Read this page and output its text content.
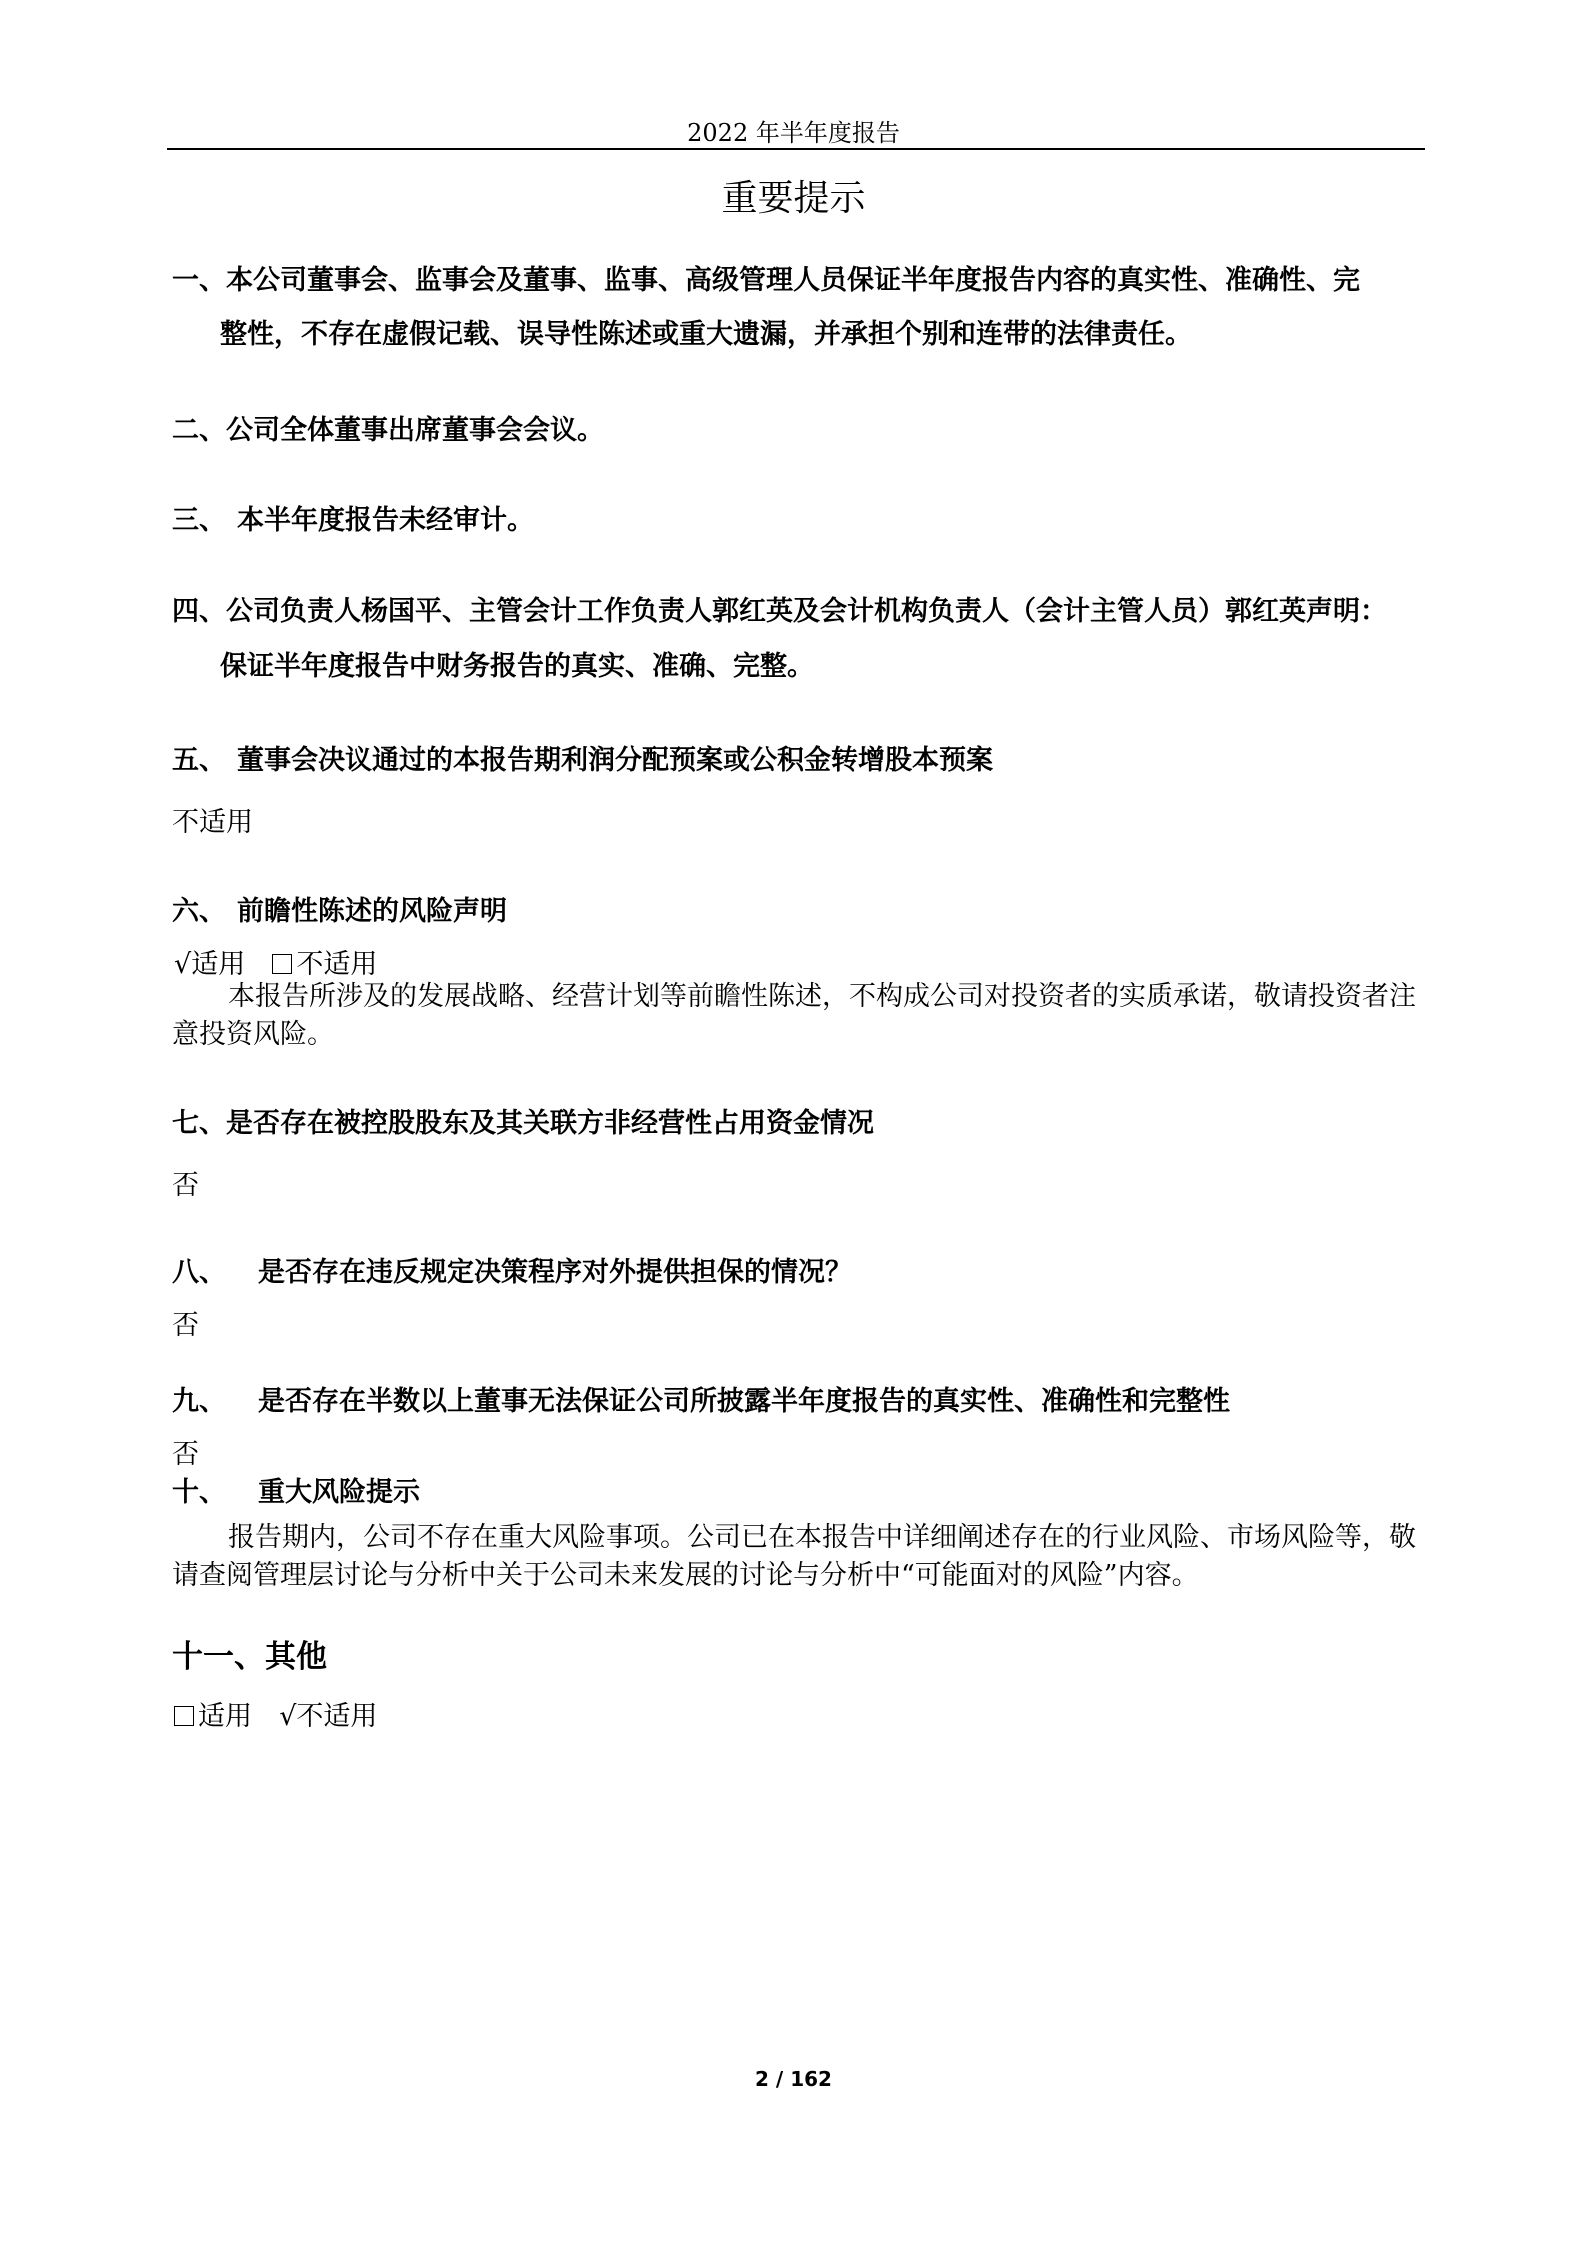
2022 年半年度报告
重要提示
一、本公司董事会、监事会及董事、监事、高级管理人员保证半年度报告内容的真实性、准确性、完
整性，不存在虚假记载、误导性陈述或重大遗漏，并承担个别和连带的法律责任。
二、公司全体董事出席董事会会议。
三、 本半年度报告未经审计。
四、公司负责人杨国平、主管会计工作负责人郭红英及会计机构负责人（会计主管人员）郭红英声明：
保证半年度报告中财务报告的真实、准确、完整。
五、 董事会决议通过的本报告期利润分配预案或公积金转增股本预案
不适用
六、 前瞻性陈述的风险声明
√适用 不适用
本报告所涉及的发展战略、经营计划等前瞻性陈述，不构成公司对投资者的实质承诺，敬请投资者注意投资风险。
七、是否存在被控股股东及其关联方非经营性占用资金情况
否
八、 是否存在违反规定决策程序对外提供担保的情况？
否
九、 是否存在半数以上董事无法保证公司所披露半年度报告的真实性、准确性和完整性
否
十、 重大风险提示
报告期内，公司不存在重大风险事项。公司已在本报告中详细阐述存在的行业风险、市场风险等，敬请查阅管理层讨论与分析中关于公司未来发展的讨论与分析中“可能面对的风险”内容。
十一、其他
适用 √不适用
2 / 162
